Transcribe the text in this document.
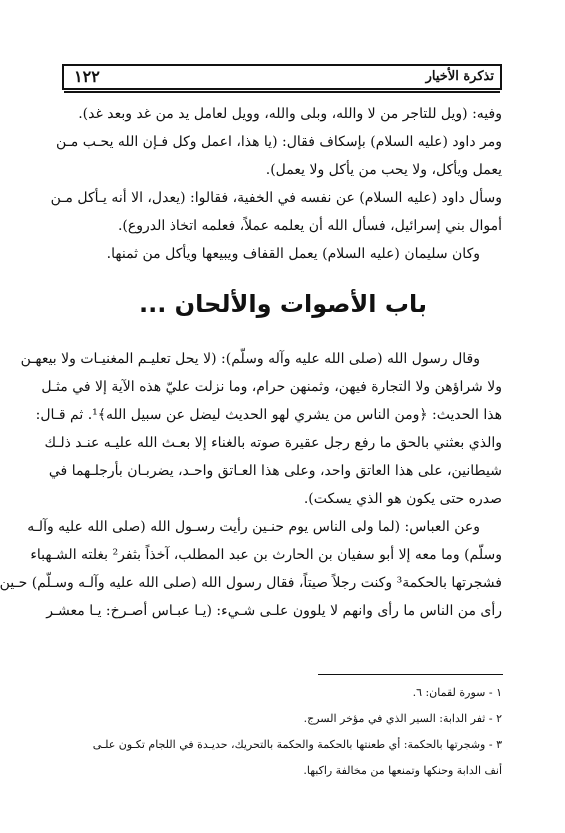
تذكرة الأخيار
١٢٢
وفيه: (ويل للتاجر من لا والله، وبلى والله، وويل لعامل يد من غد وبعد غد).
ومر داود (عليه السلام) بإسكاف فقال: (يا هذا، اعمل وكل فـإن الله يحـب مـن
يعمل ويأكل، ولا يحب من يأكل ولا يعمل).
وسأل داود (عليه السلام) عن نفسه في الخفية، فقالوا: (يعدل، الا أنه يـأكل مـن
أموال بني إسرائيل، فسأل الله أن يعلمه عملاً، فعلمه اتخاذ الدروع).
وكان سليمان (عليه السلام) يعمل القفاف ويبيعها ويأكل من ثمنها.
باب الأصوات والألحان ...
وقال رسول الله (صلى الله عليه وآله وسلّم): (لا يحل تعليـم المغنيـات ولا بيعهـن
ولا شراؤهن ولا التجارة فيهن، وثمنهن حرام، وما نزلت عليّ هذه الآية إلا في مثـل
هذا الحديث: ﴿ومن الناس من يشري لهو الحديث ليضل عن سبيل الله﴾¹. ثم قـال:
والذي بعثني بالحق ما رفع رجل عقيرة صوته بالغناء إلا بعـث الله عليـه عنـد ذلـك
شيطانين، على هذا العاتق واحد، وعلى هذا العـاتق واحـد، يضربـان بأرجلـهما في
صدره حتى يكون هو الذي يسكت).
وعن العباس: (لما ولى الناس يوم حنـين رأيت رسـول الله (صلى الله عليه وآلـه
وسلّم) وما معه إلا أبو سفيان بن الحارث بن عبد المطلب، آخذاً بثفر² بغلته الشـهباء
فشجرتها بالحكمة³ وكنت رجلاً صيتاً، فقال رسول الله (صلى الله عليه وآلـه وسـلّم) حـين
رأى من الناس ما رأى وانهم لا يلوون علـى شـيء: (يـا عبـاس أصـرخ: يـا معشـر
١ - سورة لقمان: ٦.
٢ - ثفر الدابة: السير الذي في مؤخر السرج.
٣ - وشجرتها بالحكمة: أي طعنتها بالحكمة والحكمة بالتحريك، حديـدة في اللجام تكـون علـى
أنف الدابة وحنكها وتمنعها من مخالفة راكبها.
